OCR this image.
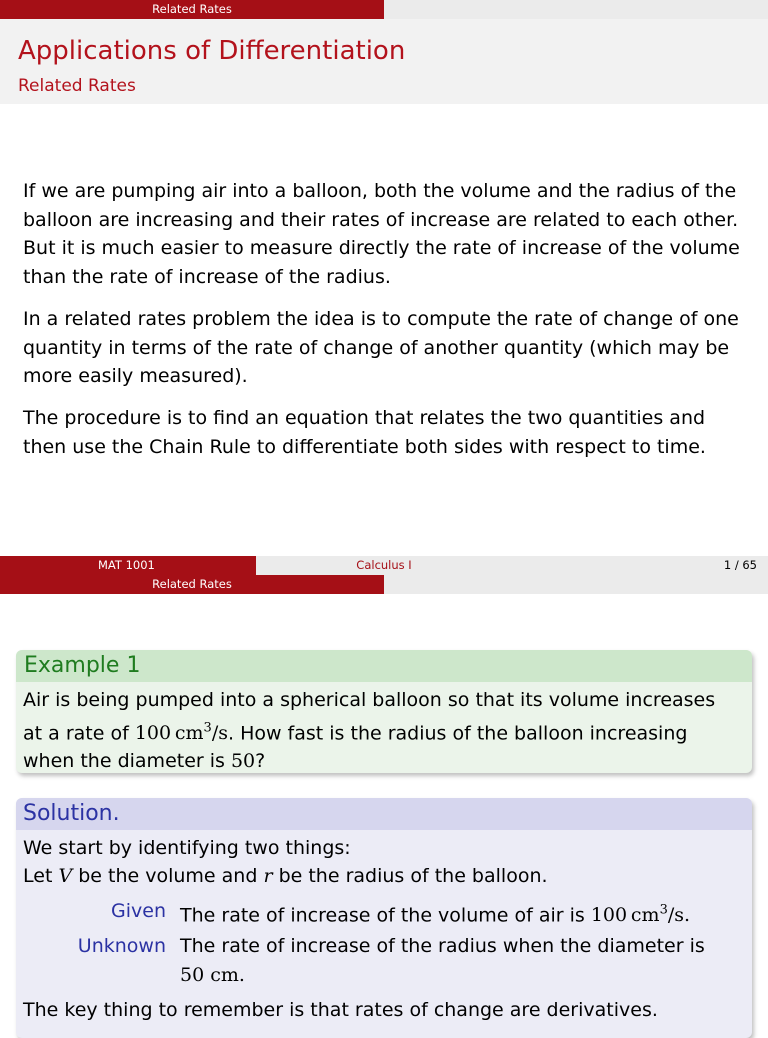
Related Rates
Applications of Differentiation
Related Rates
If we are pumping air into a balloon, both the volume and the radius of the balloon are increasing and their rates of increase are related to each other. But it is much easier to measure directly the rate of increase of the volume than the rate of increase of the radius.
In a related rates problem the idea is to compute the rate of change of one quantity in terms of the rate of change of another quantity (which may be more easily measured).
The procedure is to find an equation that relates the two quantities and then use the Chain Rule to differentiate both sides with respect to time.
MAT 1001	Calculus I	1 / 65
Related Rates
Example 1
Air is being pumped into a spherical balloon so that its volume increases
at a rate of 100  $cm^3/s$. How fast is the radius of the balloon increasing
when the diameter is 50?
Solution.
We start by identifying two things:
Let V be the volume and r be the radius of the balloon.
Given The rate of increase of the volume of air is 100  $cm^3/s$.
Unknown The rate of increase of the radius when the diameter is
50 cm.
The key thing to remember is that rates of change are derivatives.
